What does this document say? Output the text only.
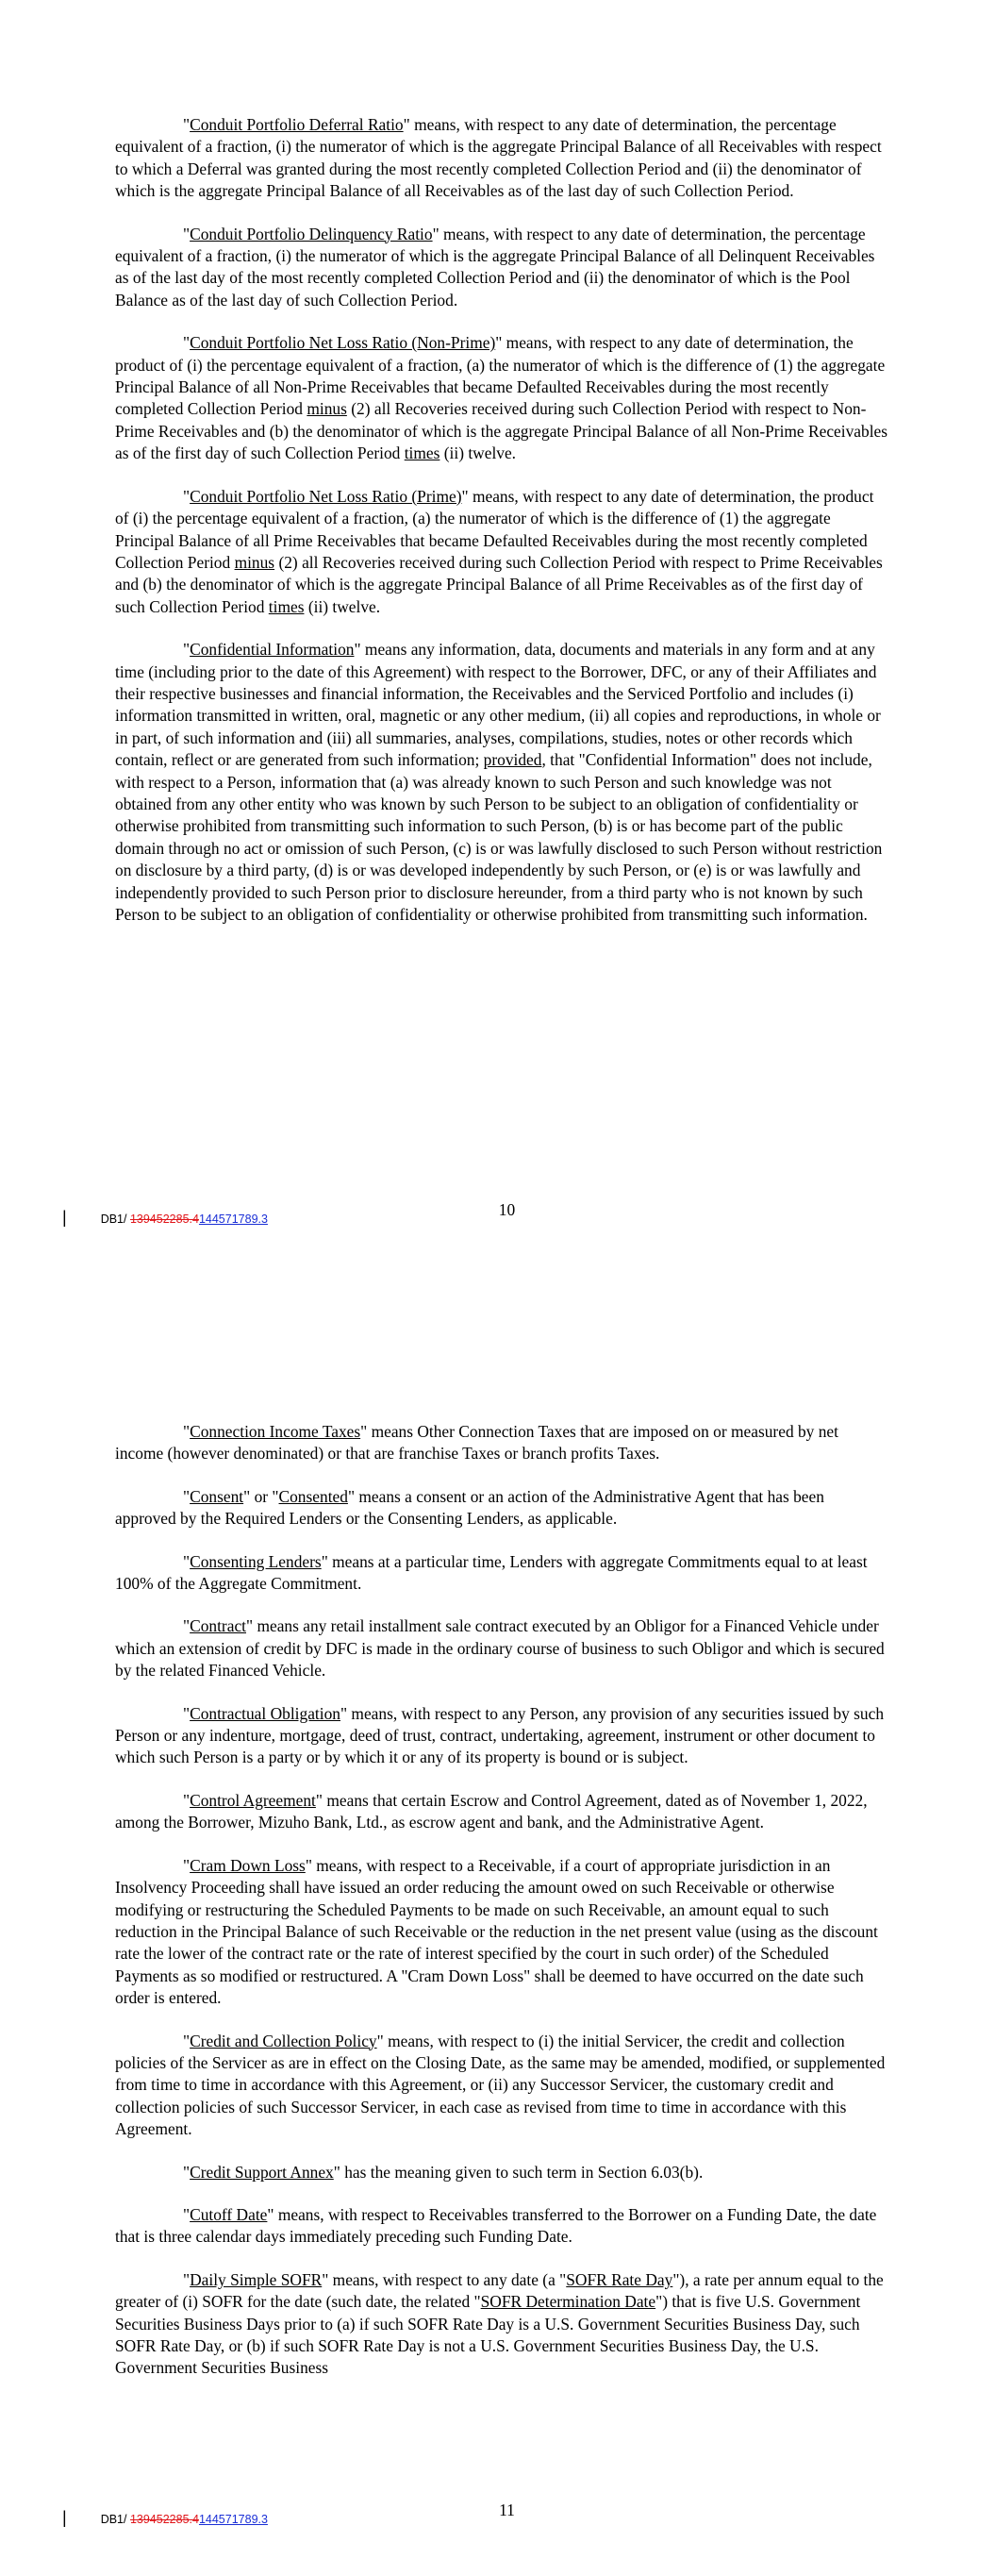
"Conduit Portfolio Deferral Ratio" means, with respect to any date of determination, the percentage equivalent of a fraction, (i) the numerator of which is the aggregate Principal Balance of all Receivables with respect to which a Deferral was granted during the most recently completed Collection Period and (ii) the denominator of which is the aggregate Principal Balance of all Receivables as of the last day of such Collection Period.

"Conduit Portfolio Delinquency Ratio" means, with respect to any date of determination, the percentage equivalent of a fraction, (i) the numerator of which is the aggregate Principal Balance of all Delinquent Receivables as of the last day of the most recently completed Collection Period and (ii) the denominator of which is the Pool Balance as of the last day of such Collection Period.

"Conduit Portfolio Net Loss Ratio (Non-Prime)" means, with respect to any date of determination, the product of (i) the percentage equivalent of a fraction, (a) the numerator of which is the difference of (1) the aggregate Principal Balance of all Non-Prime Receivables that became Defaulted Receivables during the most recently completed Collection Period minus (2) all Recoveries received during such Collection Period with respect to Non-Prime Receivables and (b) the denominator of which is the aggregate Principal Balance of all Non-Prime Receivables as of the first day of such Collection Period times (ii) twelve.

"Conduit Portfolio Net Loss Ratio (Prime)" means, with respect to any date of determination, the product of (i) the percentage equivalent of a fraction, (a) the numerator of which is the difference of (1) the aggregate Principal Balance of all Prime Receivables that became Defaulted Receivables during the most recently completed Collection Period minus (2) all Recoveries received during such Collection Period with respect to Prime Receivables and (b) the denominator of which is the aggregate Principal Balance of all Prime Receivables as of the first day of such Collection Period times (ii) twelve.

"Confidential Information" means any information, data, documents and materials in any form and at any time (including prior to the date of this Agreement) with respect to the Borrower, DFC, or any of their Affiliates and their respective businesses and financial information, the Receivables and the Serviced Portfolio and includes (i) information transmitted in written, oral, magnetic or any other medium, (ii) all copies and reproductions, in whole or in part, of such information and (iii) all summaries, analyses, compilations, studies, notes or other records which contain, reflect or are generated from such information; provided, that "Confidential Information" does not include, with respect to a Person, information that (a) was already known to such Person and such knowledge was not obtained from any other entity who was known by such Person to be subject to an obligation of confidentiality or otherwise prohibited from transmitting such information to such Person, (b) is or has become part of the public domain through no act or omission of such Person, (c) is or was lawfully disclosed to such Person without restriction on disclosure by a third party, (d) is or was developed independently by such Person, or (e) is or was lawfully and independently provided to such Person prior to disclosure hereunder, from a third party who is not known by such Person to be subject to an obligation of confidentiality or otherwise prohibited from transmitting such information.

10
|	DB1/ 139452285.4144571789.3

"Connection Income Taxes" means Other Connection Taxes that are imposed on or measured by net income (however denominated) or that are franchise Taxes or branch profits Taxes.

"Consent" or "Consented" means a consent or an action of the Administrative Agent that has been approved by the Required Lenders or the Consenting Lenders, as applicable.

"Consenting Lenders" means at a particular time, Lenders with aggregate Commitments equal to at least 100% of the Aggregate Commitment.

"Contract" means any retail installment sale contract executed by an Obligor for a Financed Vehicle under which an extension of credit by DFC is made in the ordinary course of business to such Obligor and which is secured by the related Financed Vehicle.

"Contractual Obligation" means, with respect to any Person, any provision of any securities issued by such Person or any indenture, mortgage, deed of trust, contract, undertaking, agreement, instrument or other document to which such Person is a party or by which it or any of its property is bound or is subject.

"Control Agreement" means that certain Escrow and Control Agreement, dated as of November 1, 2022, among the Borrower, Mizuho Bank, Ltd., as escrow agent and bank, and the Administrative Agent.

"Cram Down Loss" means, with respect to a Receivable, if a court of appropriate jurisdiction in an Insolvency Proceeding shall have issued an order reducing the amount owed on such Receivable or otherwise modifying or restructuring the Scheduled Payments to be made on such Receivable, an amount equal to such reduction in the Principal Balance of such Receivable or the reduction in the net present value (using as the discount rate the lower of the contract rate or the rate of interest specified by the court in such order) of the Scheduled Payments as so modified or restructured. A "Cram Down Loss" shall be deemed to have occurred on the date such order is entered.

"Credit and Collection Policy" means, with respect to (i) the initial Servicer, the credit and collection policies of the Servicer as are in effect on the Closing Date, as the same may be amended, modified, or supplemented from time to time in accordance with this Agreement, or (ii) any Successor Servicer, the customary credit and collection policies of such Successor Servicer, in each case as revised from time to time in accordance with this Agreement.

"Credit Support Annex" has the meaning given to such term in Section 6.03(b).

"Cutoff Date" means, with respect to Receivables transferred to the Borrower on a Funding Date, the date that is three calendar days immediately preceding such Funding Date.

"Daily Simple SOFR" means, with respect to any date (a "SOFR Rate Day"), a rate per annum equal to the greater of (i) SOFR for the date (such date, the related "SOFR Determination Date") that is five U.S. Government Securities Business Days prior to (a) if such SOFR Rate Day is a U.S. Government Securities Business Day, such SOFR Rate Day, or (b) if such SOFR Rate Day is not a U.S. Government Securities Business Day, the U.S. Government Securities Business

11
|	DB1/ 139452285.4144571789.3
